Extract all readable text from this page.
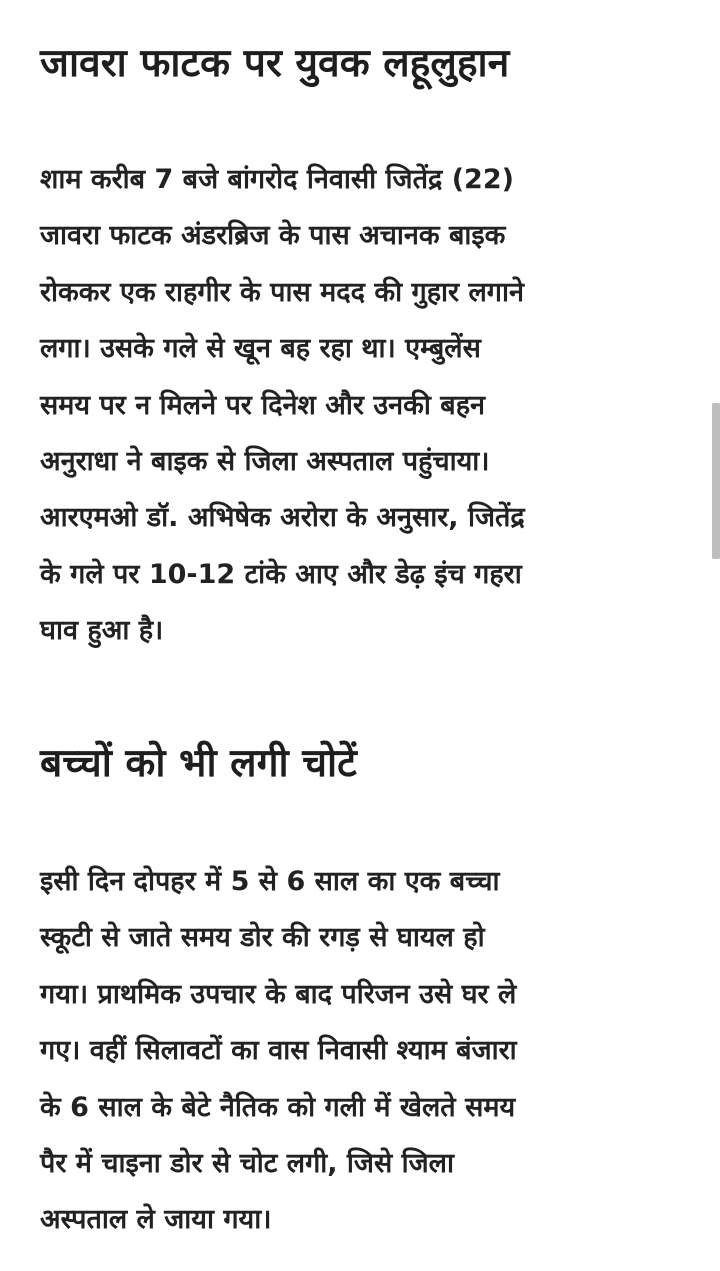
जावरा फाटक पर युवक लहूलुहान

शाम करीब 7 बजे बांगरोद निवासी जितेंद्र (22)
जावरा फाटक अंडरब्रिज के पास अचानक बाइक
रोककर एक राहगीर के पास मदद की गुहार लगाने
लगा। उसके गले से खून बह रहा था। एम्बुलेंस
समय पर न मिलने पर दिनेश और उनकी बहन
अनुराधा ने बाइक से जिला अस्पताल पहुंचाया।
आरएमओ डॉ. अभिषेक अरोरा के अनुसार, जितेंद्र
के गले पर 10-12 टांके आए और डेढ़ इंच गहरा
घाव हुआ है।

बच्चों को भी लगी चोटें

इसी दिन दोपहर में 5 से 6 साल का एक बच्चा
स्कूटी से जाते समय डोर की रगड़ से घायल हो
गया। प्राथमिक उपचार के बाद परिजन उसे घर ले
गए। वहीं सिलावटों का वास निवासी श्याम बंजारा
के 6 साल के बेटे नैतिक को गली में खेलते समय
पैर में चाइना डोर से चोट लगी, जिसे जिला
अस्पताल ले जाया गया।
